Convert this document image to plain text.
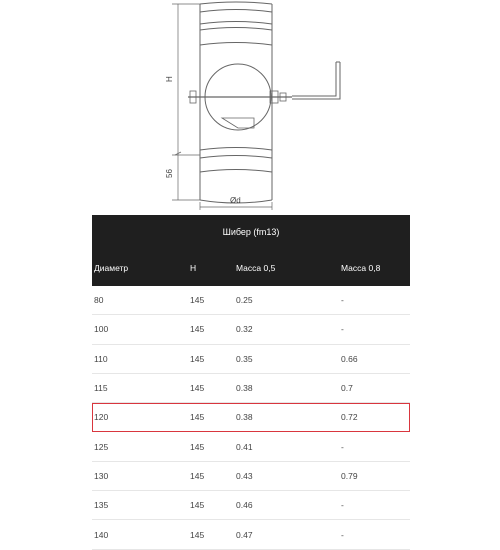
H
56
Ød
Шибер (fm13)
Диаметр	H	Масса 0,5	Масса 0,8
80	145	0.25	-
100	145	0.32	-
110	145	0.35	0.66
115	145	0.38	0.7
120	145	0.38	0.72
125	145	0.41	-
130	145	0.43	0.79
135	145	0.46	-
140	145	0.47	-
